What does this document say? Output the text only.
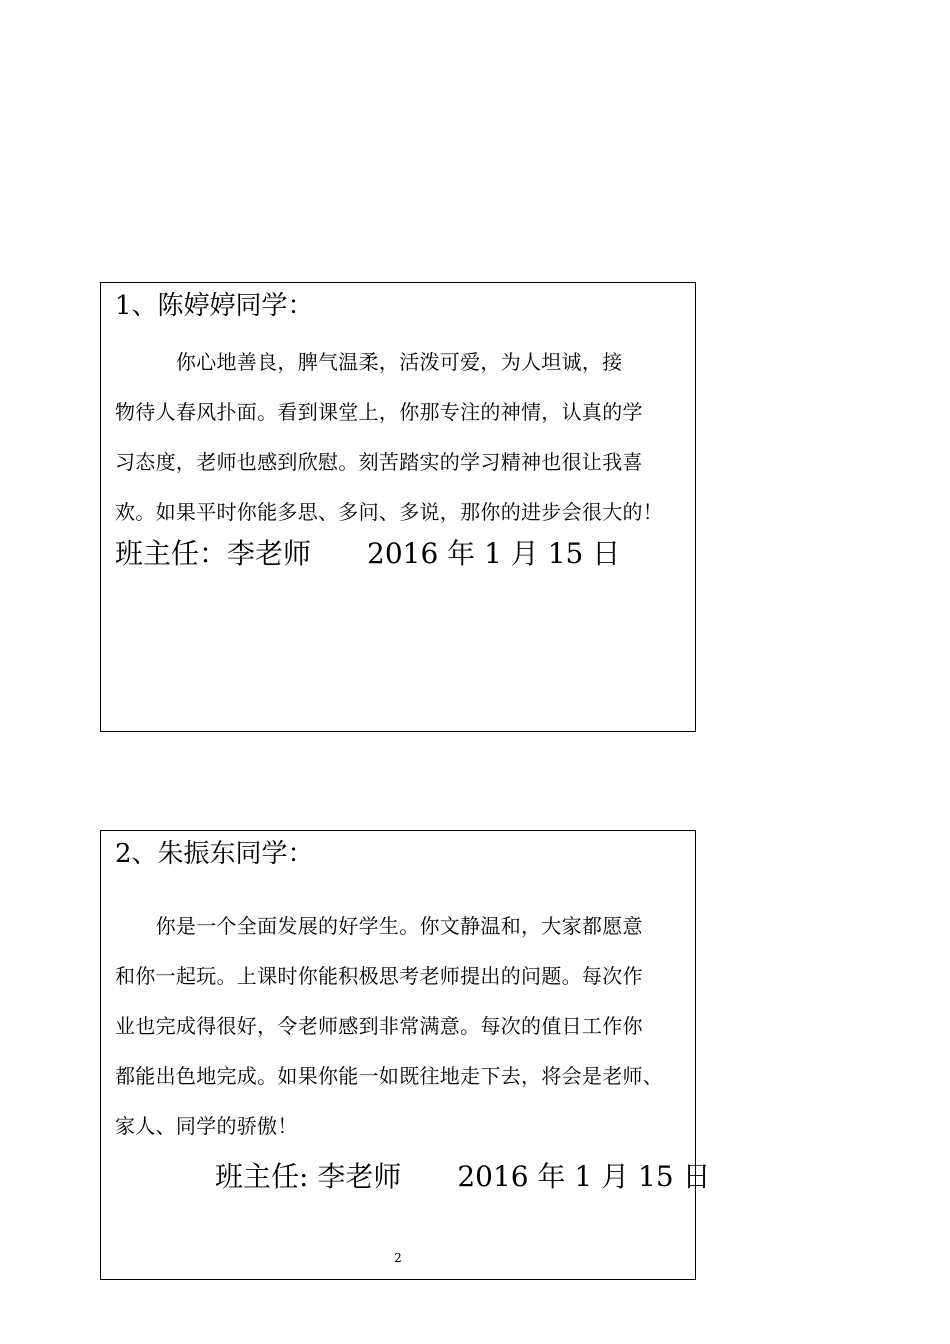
1、陈婷婷同学：
　　　你心地善良，脾气温柔，活泼可爱，为人坦诚，接
物待人春风扑面。看到课堂上，你那专注的神情，认真的学
习态度，老师也感到欣慰。刻苦踏实的学习精神也很让我喜
欢。如果平时你能多思、多问、多说，那你的进步会很大的！
班主任：李老师 2016 年 1 月 15 日
2、朱振东同学：
　　你是一个全面发展的好学生。你文静温和，大家都愿意
和你一起玩。上课时你能积极思考老师提出的问题。每次作
业也完成得很好，令老师感到非常满意。每次的值日工作你
都能出色地完成。如果你能一如既往地走下去，将会是老师、
家人、同学的骄傲！
班主任: 李老师 2016 年 1 月 15 日
2
